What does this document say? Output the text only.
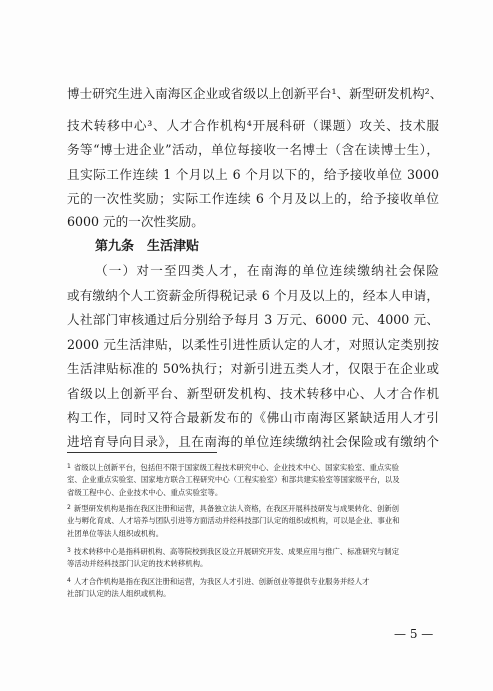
博士研究生进入南海区企业或省级以上创新平台¹、新型研发机构²、
技术转移中心³、人才合作机构⁴开展科研（课题）攻关、技术服
务等“博士进企业”活动，单位每接收一名博士（含在读博士生），
且实际工作连续 1 个月以上 6 个月以下的，给予接收单位 3000
元的一次性奖励；实际工作连续 6 个月及以上的，给予接收单位
6000 元的一次性奖励。
第九条　生活津贴
（一）对一至四类人才，在南海的单位连续缴纳社会保险
或有缴纳个人工资薪金所得税记录 6 个月及以上的，经本人申请，
人社部门审核通过后分别给予每月 3 万元、6000 元、4000 元、
2000 元生活津贴，以柔性引进性质认定的人才，对照认定类别按
生活津贴标准的 50%执行；对新引进五类人才，仅限于在企业或
省级以上创新平台、新型研发机构、技术转移中心、人才合作机
构工作，同时又符合最新发布的《佛山市南海区紧缺适用人才引
进培育导向目录》，且在南海的单位连续缴纳社会保险或有缴纳个
$^1$ 省级以上创新平台，包括但不限于国家级工程技术研究中心、企业技术中心、国家实验室、重点实验
室、企业重点实验室、国家地方联合工程研究中心（工程实验室）和部共建实验室等国家级平台，以及
省级工程中心、企业技术中心、重点实验室等。
$^2$ 新型研发机构是指在我区注册和运营，具备独立法人资格，在我区开展科技研发与成果转化、创新创
业与孵化育成、人才培养与团队引进等方面活动并经科技部门认定的组织或机构，可以是企业、事业和
社团单位等法人组织或机构。
$^3$ 技术转移中心是指科研机构、高等院校到我区设立开展研究开发、成果应用与推广、标准研究与制定
等活动并经科技部门认定的技术转移机构。
$^4$ 人才合作机构是指在我区注册和运营，为我区人才引进、创新创业等提供专业服务并经人才
社部门认定的法人组织或机构。
— 5 —
